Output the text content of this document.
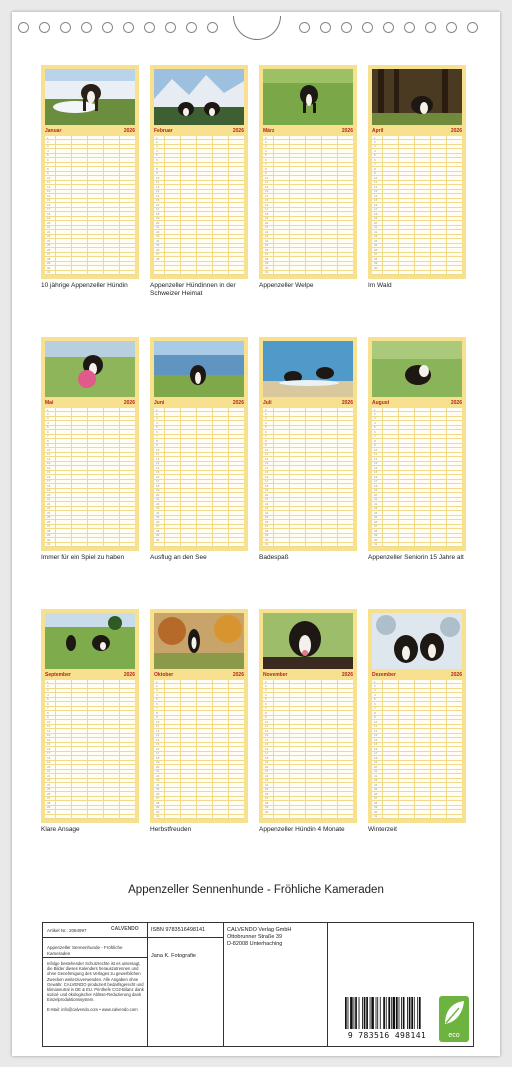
Januar	2026
1
2
3
4
5
6
7
8
9
10
11
12
13
14
15
16
17
18
19
20
21
22
23
24
25
26
27
28
29
30
31
Februar	2026
1
2
3
4
5
6
7
8
9
10
11
12
13
14
15
16
17
18
19
20
21
22
23
24
25
26
27
28
März	2026
1
2
3
4
5
6
7
8
9
10
11
12
13
14
15
16
17
18
19
20
21
22
23
24
25
26
27
28
29
30
31
April	2026
1
2
3
4
5
6
7
8
9
10
11
12
13
14
15
16
17
18
19
20
21
22
23
24
25
26
27
28
29
30
Mai	2026
1
2
3
4
5
6
7
8
9
10
11
12
13
14
15
16
17
18
19
20
21
22
23
24
25
26
27
28
29
30
31
Juni	2026
1
2
3
4
5
6
7
8
9
10
11
12
13
14
15
16
17
18
19
20
21
22
23
24
25
26
27
28
29
30
Juli	2026
1
2
3
4
5
6
7
8
9
10
11
12
13
14
15
16
17
18
19
20
21
22
23
24
25
26
27
28
29
30
31
August	2026
1
2
3
4
5
6
7
8
9
10
11
12
13
14
15
16
17
18
19
20
21
22
23
24
25
26
27
28
29
30
31
September	2026
1
2
3
4
5
6
7
8
9
10
11
12
13
14
15
16
17
18
19
20
21
22
23
24
25
26
27
28
29
30
Oktober	2026
1
2
3
4
5
6
7
8
9
10
11
12
13
14
15
16
17
18
19
20
21
22
23
24
25
26
27
28
29
30
31
November	2026
1
2
3
4
5
6
7
8
9
10
11
12
13
14
15
16
17
18
19
20
21
22
23
24
25
26
27
28
29
30
Dezember	2026
1
2
3
4
5
6
7
8
9
10
11
12
13
14
15
16
17
18
19
20
21
22
23
24
25
26
27
28
29
30
31
10 jährige Appenzeller Hündin	Appenzeller Hündinnen in der Schweizer Heimat
Appenzeller Welpe	Im Wald
Immer für ein Spiel zu haben	Ausflug an den See	Badespaß	Appenzeller Seniorin 15 Jahre alt
Klare Ansage	Herbstfreuden	Appenzeller Hündin 4 Monate	Winterzeit
Appenzeller Sennenhunde - Fröhliche Kameraden
Artikel Nr.: 2084997	CALVENDO
Appenzeller Sennenhunde - Fröhliche Kameraden
Infolge bestehender Schutzrechte ist es untersagt, die Bilder dieses Kalenders herauszutrennen und ohne Genehmigung des Verlages zu gewerblichen Zwecken weiterzuverwenden. Alle Angaben ohne Gewähr. CALVENDO produziert bedarfsgerecht und klimaneutral in DE & EU. Printhefe CO2-Bilanz dank sozial- und ökologischer Ablöse-Reduzierung dank Einzelproduktionssystem.
E-Mail: info@calvendo.com • www.calvendo.com
ISBN 9783516498141
Jana K. Fotografie
CALVENDO Verlag GmbH
Ottobrunner Straße 39
D-82008 Unterhaching
9 783516 498141	eco
